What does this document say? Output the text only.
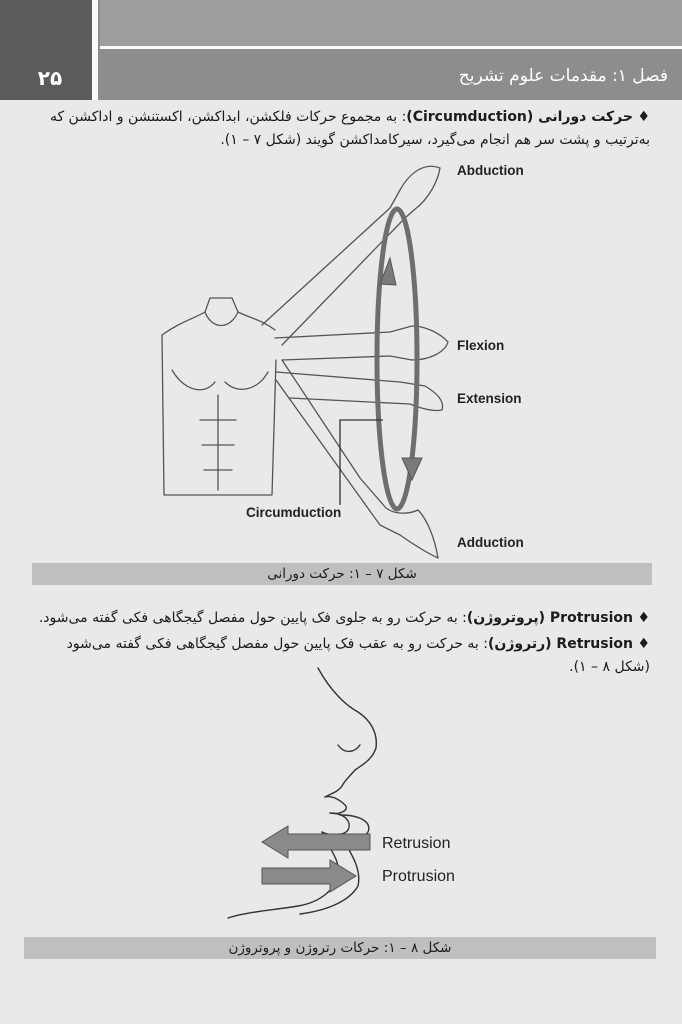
۲۵	فصل ۱: مقدمات علوم تشریح

♦ حرکت دورانی (Circumduction): به مجموع حرکات فلکشن، ابداکشن، اکستنشن و اداکشن که به‌ترتیب و پشت سر هم انجام می‌گیرد، سیرکامداکشن گویند (شکل ۷ – ۱).

Abduction
Flexion
Extension
Circumduction
Adduction
شکل ۷ – ۱: حرکت دورانی

♦ Protrusion (پروتروژن): به حرکت رو به جلوی فک پایین حول مفصل گیجگاهی فکی گفته می‌شود.

♦ Retrusion (رتروژن): به حرکت رو به عقب فک پایین حول مفصل گیجگاهی فکی گفته می‌شود (شکل ۸ – ۱).

Retrusion
Protrusion
شکل ۸ – ۱: حرکات رتروژن و پروتروژن
